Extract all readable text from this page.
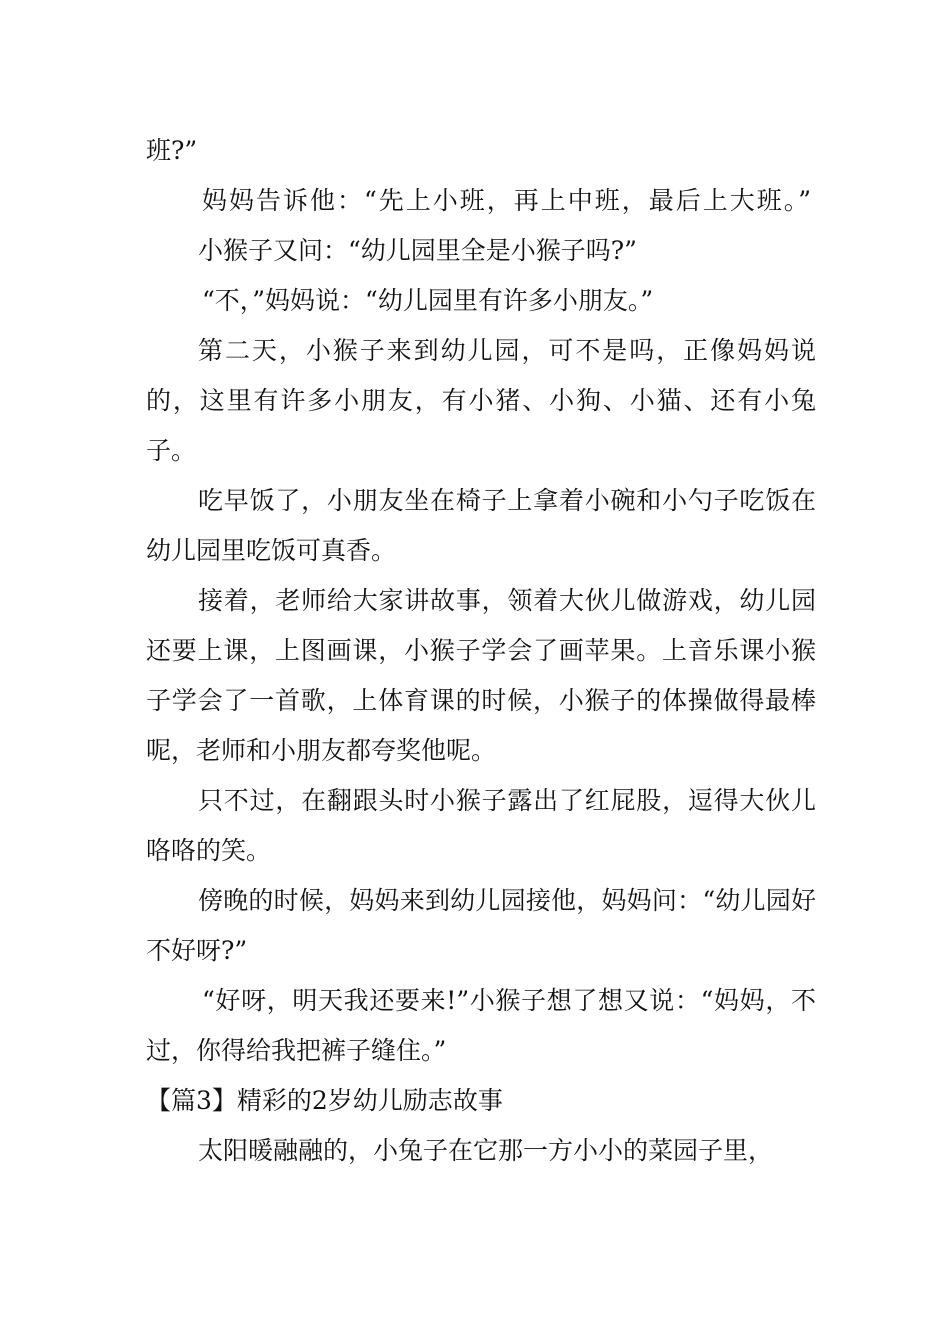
班?”

妈妈告诉他：“先上小班，再上中班，最后上大班。”

小猴子又问：“幼儿园里全是小猴子吗?”

“不，”妈妈说：“幼儿园里有许多小朋友。”

第二天，小猴子来到幼儿园，可不是吗，正像妈妈说的，这里有许多小朋友，有小猪、小狗、小猫、还有小兔子。

吃早饭了，小朋友坐在椅子上拿着小碗和小勺子吃饭在幼儿园里吃饭可真香。

接着，老师给大家讲故事，领着大伙儿做游戏，幼儿园还要上课，上图画课，小猴子学会了画苹果。上音乐课小猴子学会了一首歌，上体育课的时候，小猴子的体操做得最棒呢，老师和小朋友都夸奖他呢。

只不过，在翻跟头时小猴子露出了红屁股，逗得大伙儿咯咯的笑。

傍晚的时候，妈妈来到幼儿园接他，妈妈问：“幼儿园好不好呀?”

“好呀，明天我还要来!”小猴子想了想又说：“妈妈，不过，你得给我把裤子缝住。”

【篇3】精彩的2岁幼儿励志故事

太阳暖融融的，小兔子在它那一方小小的菜园子里，
